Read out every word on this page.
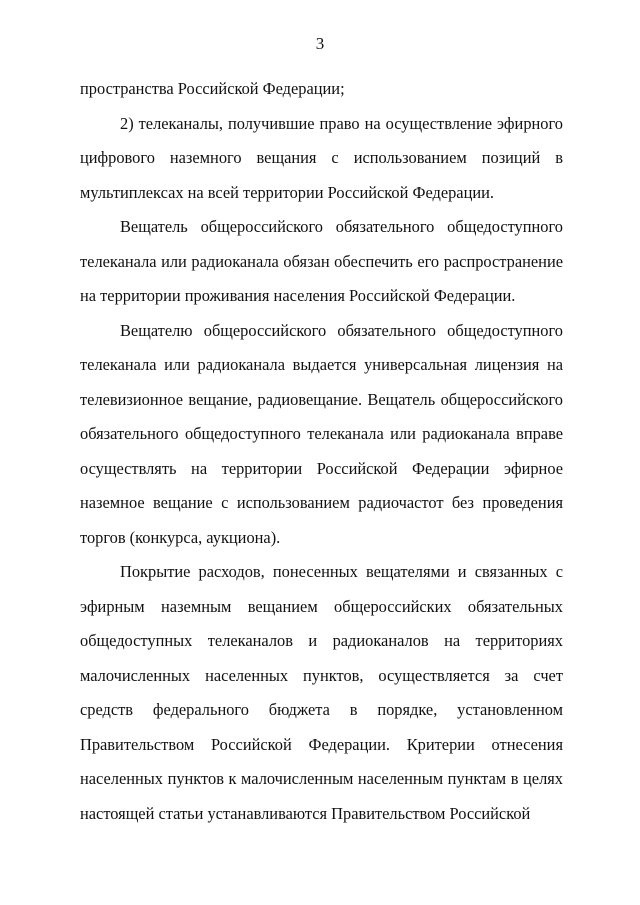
3

пространства Российской Федерации;

2) телеканалы, получившие право на осуществление эфирного цифрового наземного вещания с использованием позиций в мультиплексах на всей территории Российской Федерации.

Вещатель общероссийского обязательного общедоступного телеканала или радиоканала обязан обеспечить его распространение на территории проживания населения Российской Федерации.

Вещателю общероссийского обязательного общедоступного телеканала или радиоканала выдается универсальная лицензия на телевизионное вещание, радиовещание. Вещатель общероссийского обязательного общедоступного телеканала или радиоканала вправе осуществлять на территории Российской Федерации эфирное наземное вещание с использованием радиочастот без проведения торгов (конкурса, аукциона).

Покрытие расходов, понесенных вещателями и связанных с эфирным наземным вещанием общероссийских обязательных общедоступных телеканалов и радиоканалов на территориях малочисленных населенных пунктов, осуществляется за счет средств федерального бюджета в порядке, установленном Правительством Российской Федерации. Критерии отнесения населенных пунктов к малочисленным населенным пунктам в целях настоящей статьи устанавливаются Правительством Российской
